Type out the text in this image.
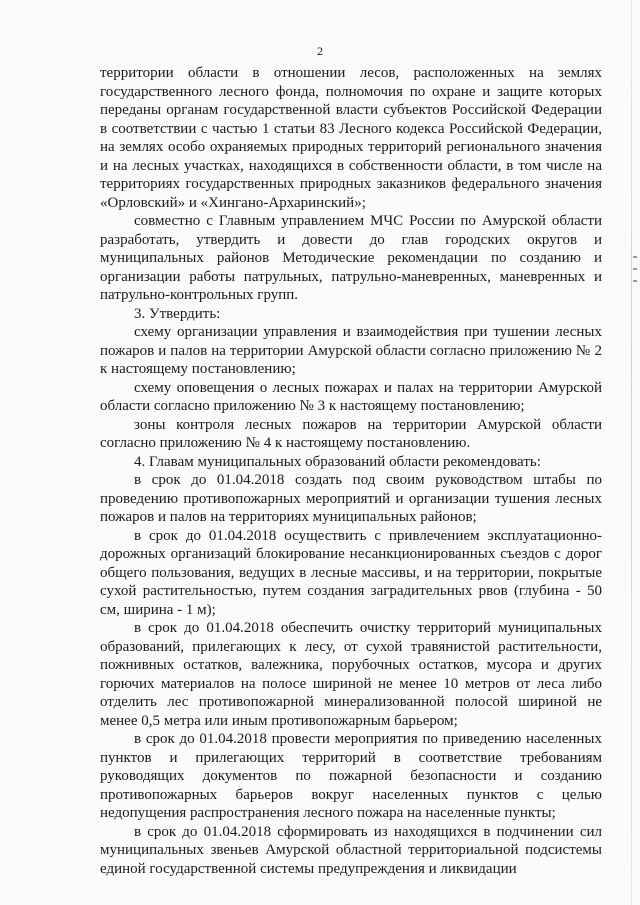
2

территории области в отношении лесов, расположенных на землях государственного лесного фонда, полномочия по охране и защите которых переданы органам государственной власти субъектов Российской Федерации в соответствии с частью 1 статьи 83 Лесного кодекса Российской Федерации, на землях особо охраняемых природных территорий регионального значения и на лесных участках, находящихся в собственности области, в том числе на территориях государственных природных заказников федерального значения «Орловский» и «Хингано-Архаринский»;

совместно с Главным управлением МЧС России по Амурской области разработать, утвердить и довести до глав городских округов и муниципальных районов Методические рекомендации по созданию и организации работы патрульных, патрульно-маневренных, маневренных и патрульно-контрольных групп.

3. Утвердить:

схему организации управления и взаимодействия при тушении лесных пожаров и палов на территории Амурской области согласно приложению № 2 к настоящему постановлению;

схему оповещения о лесных пожарах и палах на территории Амурской области согласно приложению № 3 к настоящему постановлению;

зоны контроля лесных пожаров на территории Амурской области согласно приложению № 4 к настоящему постановлению.

4. Главам муниципальных образований области рекомендовать:

в срок до 01.04.2018 создать под своим руководством штабы по проведению противопожарных мероприятий и организации тушения лесных пожаров и палов на территориях муниципальных районов;

в срок до 01.04.2018 осуществить с привлечением эксплуатационно-дорожных организаций блокирование несанкционированных съездов с дорог общего пользования, ведущих в лесные массивы, и на территории, покрытые сухой растительностью, путем создания заградительных рвов (глубина - 50 см, ширина - 1 м);

в срок до 01.04.2018 обеспечить очистку территорий муниципальных образований, прилегающих к лесу, от сухой травянистой растительности, пожнивных остатков, валежника, порубочных остатков, мусора и других горючих материалов на полосе шириной не менее 10 метров от леса либо отделить лес противопожарной минерализованной полосой шириной не менее 0,5 метра или иным противопожарным барьером;

в срок до 01.04.2018 провести мероприятия по приведению населенных пунктов и прилегающих территорий в соответствие требованиям руководящих документов по пожарной безопасности и созданию противопожарных барьеров вокруг населенных пунктов с целью недопущения распространения лесного пожара на населенные пункты;

в срок до 01.04.2018 сформировать из находящихся в подчинении сил муниципальных звеньев Амурской областной территориальной подсистемы единой государственной системы предупреждения и ликвидации
